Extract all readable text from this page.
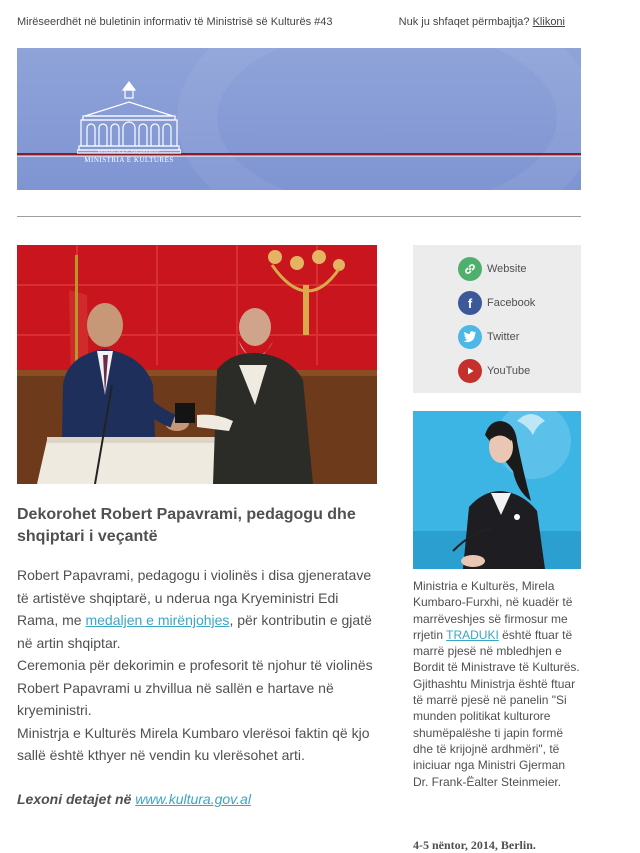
Mirëseerdhët në buletinin informativ të Ministrisë së Kulturës #43	Nuk ju shfaqet përmbajtja? Klikoni
REPUBLIKA E SHQIPËRISË
MINISTRIA E KULTURËS
Dekorohet Robert Papavrami, pedagogu dhe shqiptari i veçantë

Robert Papavrami, pedagogu i violinës i disa gjeneratave të artistëve shqiptarë, u nderua nga Kryeministri Edi Rama, me medaljen e mirënjohjes, për kontributin e gjatë në artin shqiptar.

Ceremonia për dekorimin e profesorit të njohur të violinës Robert Papavrami u zhvillua në sallën e hartave në kryeministri.

Ministrja e Kulturës Mirela Kumbaro vlerësoi faktin që kjo sallë është kthyer në vendin ku vlerësohet arti.

Lexoni detajet në www.kultura.gov.al
Website
f	Facebook
Twitter
YouTube
Ministria e Kulturës, Mirela Kumbaro-Furxhi, në kuadër të marrëveshjes së firmosur me rrjetin TRADUKI është ftuar të marrë pjesë në mbledhjen e Bordit të Ministrave të Kulturës. Gjithashtu Ministrja është ftuar të marrë pjesë në panelin "Si munden politikat kulturore shumëpalëshe ti japin formë dhe të krijojnë ardhmëri", të iniciuar nga Ministri Gjerman Dr. Frank-Ëalter Steinmeier.
4-5 nëntor, 2014, Berlin.
